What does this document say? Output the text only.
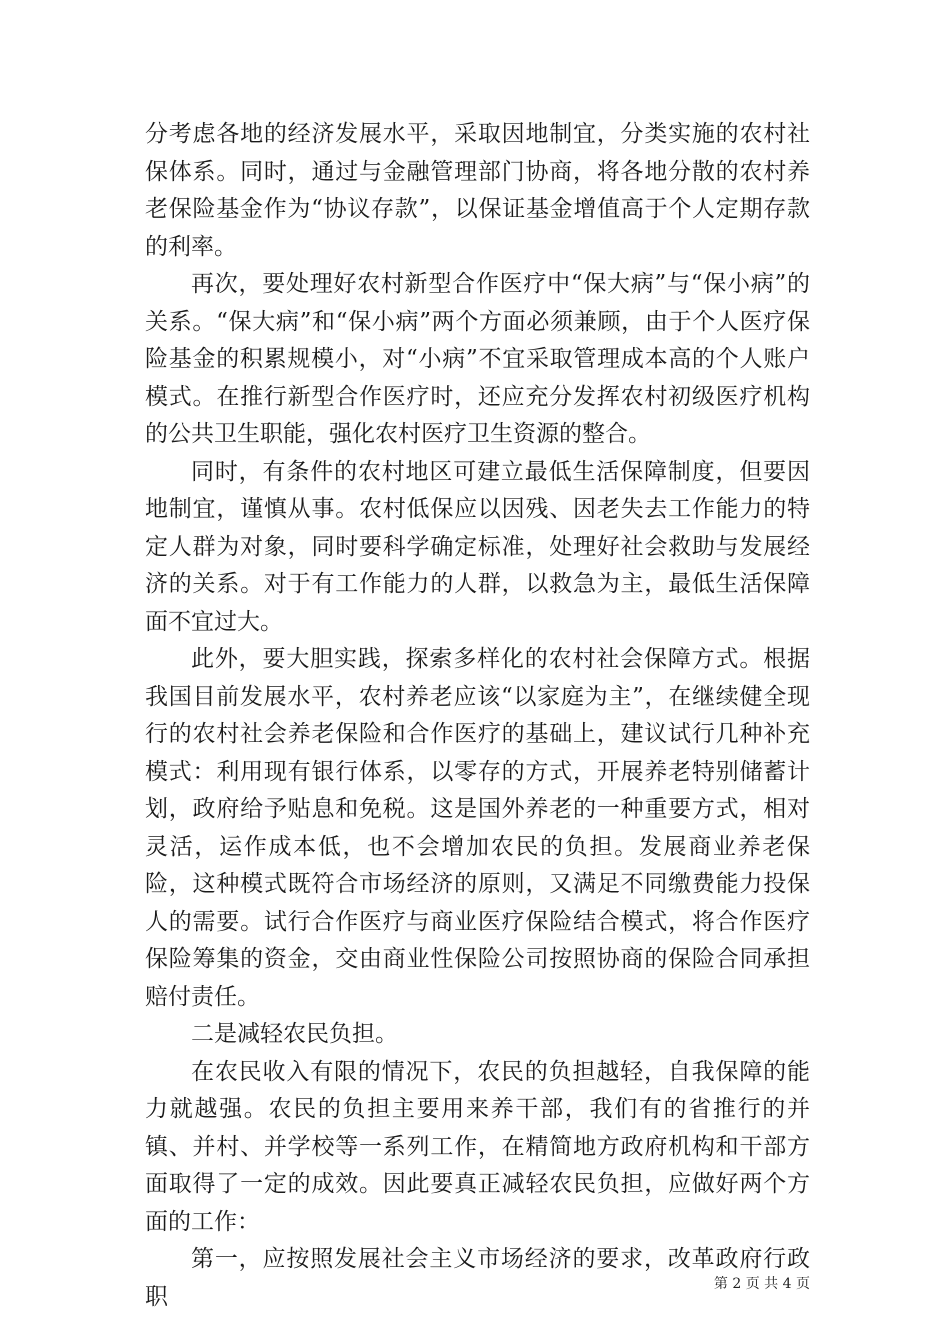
分考虑各地的经济发展水平，采取因地制宜，分类实施的农村社保体系。同时，通过与金融管理部门协商，将各地分散的农村养老保险基金作为“协议存款”，以保证基金增值高于个人定期存款的利率。

再次，要处理好农村新型合作医疗中“保大病”与“保小病”的关系。“保大病”和“保小病”两个方面必须兼顾，由于个人医疗保险基金的积累规模小，对“小病”不宜采取管理成本高的个人账户模式。在推行新型合作医疗时，还应充分发挥农村初级医疗机构的公共卫生职能，强化农村医疗卫生资源的整合。

同时，有条件的农村地区可建立最低生活保障制度，但要因地制宜，谨慎从事。农村低保应以因残、因老失去工作能力的特定人群为对象，同时要科学确定标准，处理好社会救助与发展经济的关系。对于有工作能力的人群，以救急为主，最低生活保障面不宜过大。

此外，要大胆实践，探索多样化的农村社会保障方式。根据我国目前发展水平，农村养老应该“以家庭为主”，在继续健全现行的农村社会养老保险和合作医疗的基础上，建议试行几种补充模式：利用现有银行体系，以零存的方式，开展养老特别储蓄计划，政府给予贴息和免税。这是国外养老的一种重要方式，相对灵活，运作成本低，也不会增加农民的负担。发展商业养老保险，这种模式既符合市场经济的原则，又满足不同缴费能力投保人的需要。试行合作医疗与商业医疗保险结合模式，将合作医疗保险筹集的资金，交由商业性保险公司按照协商的保险合同承担赔付责任。

二是减轻农民负担。

在农民收入有限的情况下，农民的负担越轻，自我保障的能力就越强。农民的负担主要用来养干部，我们有的省推行的并镇、并村、并学校等一系列工作，在精简地方政府机构和干部方面取得了一定的成效。因此要真正减轻农民负担，应做好两个方面的工作：

第一，应按照发展社会主义市场经济的要求，改革政府行政职	第 2 页 共 4 页
